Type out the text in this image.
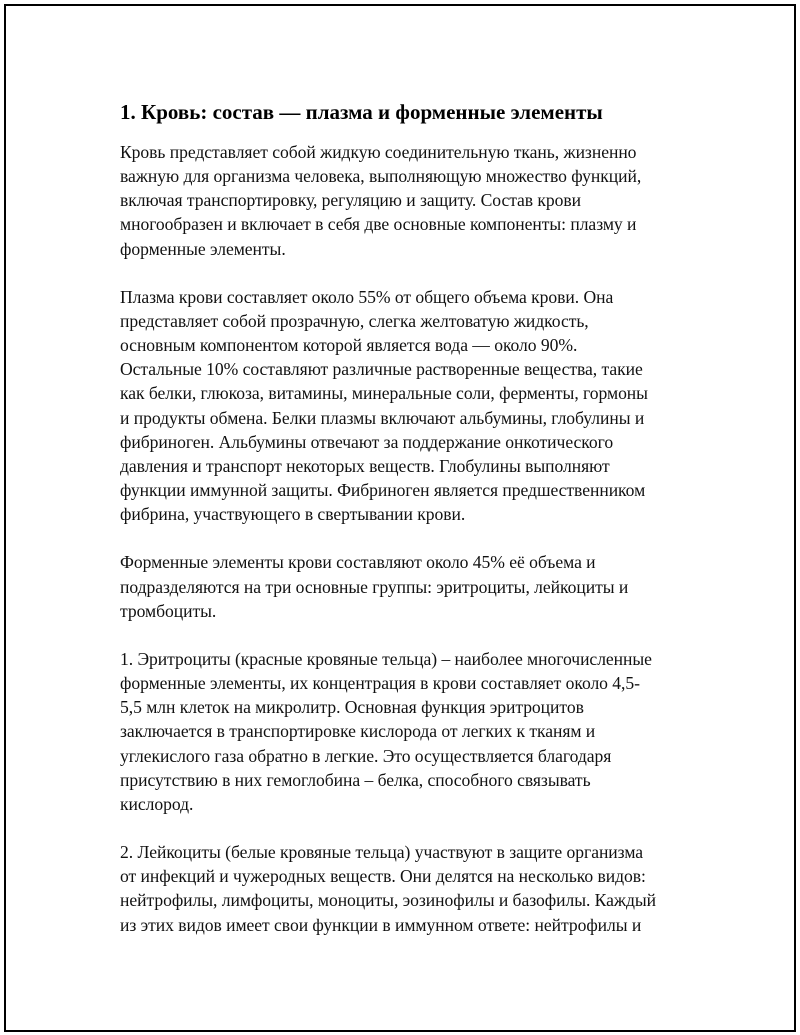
1. Кровь: состав — плазма и форменные элементы
Кровь представляет собой жидкую соединительную ткань, жизненно
важную для организма человека, выполняющую множество функций,
включая транспортировку, регуляцию и защиту. Состав крови
многообразен и включает в себя две основные компоненты: плазму и
форменные элементы.
Плазма крови составляет около 55% от общего объема крови. Она
представляет собой прозрачную, слегка желтоватую жидкость,
основным компонентом которой является вода — около 90%.
Остальные 10% составляют различные растворенные вещества, такие
как белки, глюкоза, витамины, минеральные соли, ферменты, гормоны
и продукты обмена. Белки плазмы включают альбумины, глобулины и
фибриноген. Альбумины отвечают за поддержание онкотического
давления и транспорт некоторых веществ. Глобулины выполняют
функции иммунной защиты. Фибриноген является предшественником
фибрина, участвующего в свертывании крови.
Форменные элементы крови составляют около 45% её объема и
подразделяются на три основные группы: эритроциты, лейкоциты и
тромбоциты.
1. Эритроциты (красные кровяные тельца) – наиболее многочисленные
форменные элементы, их концентрация в крови составляет около 4,5-
5,5 млн клеток на микролитр. Основная функция эритроцитов
заключается в транспортировке кислорода от легких к тканям и
углекислого газа обратно в легкие. Это осуществляется благодаря
присутствию в них гемоглобина – белка, способного связывать
кислород.
2. Лейкоциты (белые кровяные тельца) участвуют в защите организма
от инфекций и чужеродных веществ. Они делятся на несколько видов:
нейтрофилы, лимфоциты, моноциты, эозинофилы и базофилы. Каждый
из этих видов имеет свои функции в иммунном ответе: нейтрофилы и
